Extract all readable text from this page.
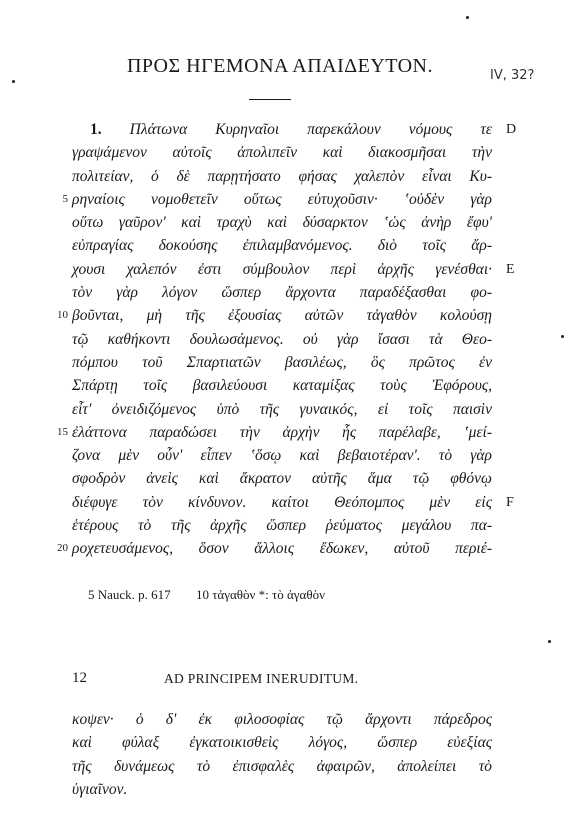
ΠΡΟΣ ΗΓΕΜΟΝΑ ΑΠΑΙΔΕΥΤΟΝ.	IV, 32?
1. Πλάτωνα Κυρηναῖοι παρεκάλουν νόμους τε D
γραψάμενον αὐτοῖς ἀπολιπεῖν καὶ διακοσμῆσαι τὴν
πολιτείαν, ὁ δὲ παρῃτήσατο φήσας χαλεπὸν εἶναι Κυ-
5 ρηναίοις νομοθετεῖν οὕτως εὐτυχοῦσιν· ʽοὐδὲν γὰρ
οὕτω γαῦρον' καὶ τραχὺ καὶ δύσαρκτον ʽὡς ἀνὴρ ἔφυ'
εὐπραγίας δοκούσης ἐπιλαμβανόμενος. διὸ τοῖς ἄρ-
χουσι χαλεπόν ἐστι σύμβουλον περὶ ἀρχῆς γενέσθαι· E
τὸν γὰρ λόγον ὥσπερ ἄρχοντα παραδέξασθαι φο-
10 βοῦνται, μὴ τῆς ἐξουσίας αὐτῶν τἀγαθὸν κολούσῃ
τῷ καθήκοντι δουλωσάμενος. οὐ γὰρ ἴσασι τὰ Θεο-
πόμπου τοῦ Σπαρτιατῶν βασιλέως, ὃς πρῶτος ἐν
Σπάρτῃ τοῖς βασιλεύουσι καταμίξας τοὺς Ἐφόρους,
εἶτ' ὀνειδιζόμενος ὑπὸ τῆς γυναικός, εἰ τοῖς παισὶν
15 ἐλάττονα παραδώσει τὴν ἀρχὴν ἧς παρέλαβε, ʽμεί-
ζονα μὲν οὖν' εἶπεν ʽὅσῳ καὶ βεβαιοτέραν'. τὸ γὰρ
σφοδρὸν ἀνεὶς καὶ ἄκρατον αὐτῆς ἅμα τῷ φθόνῳ
διέφυγε τὸν κίνδυνον. καίτοι Θεόπομπος μὲν εἰς F
ἑτέρους τὸ τῆς ἀρχῆς ὥσπερ ῥεύματος μεγάλου πα-
20 ροχετευσάμενος, ὅσον ἄλλοις ἔδωκεν, αὐτοῦ περιέ-
5 Nauck. p. 617 10 τἀγαθὸν *: τὸ ἀγαθὸν
12	AD PRINCIPEM INERUDITUM.
κοψεν· ὁ δ' ἐκ φιλοσοφίας τῷ ἄρχοντι πάρεδρος
καὶ φύλαξ ἐγκατοικισθεὶς λόγος, ὥσπερ εὐεξίας
τῆς δυνάμεως τὸ ἐπισφαλὲς ἀφαιρῶν, ἀπολείπει τὸ
ὑγιαῖνον.
